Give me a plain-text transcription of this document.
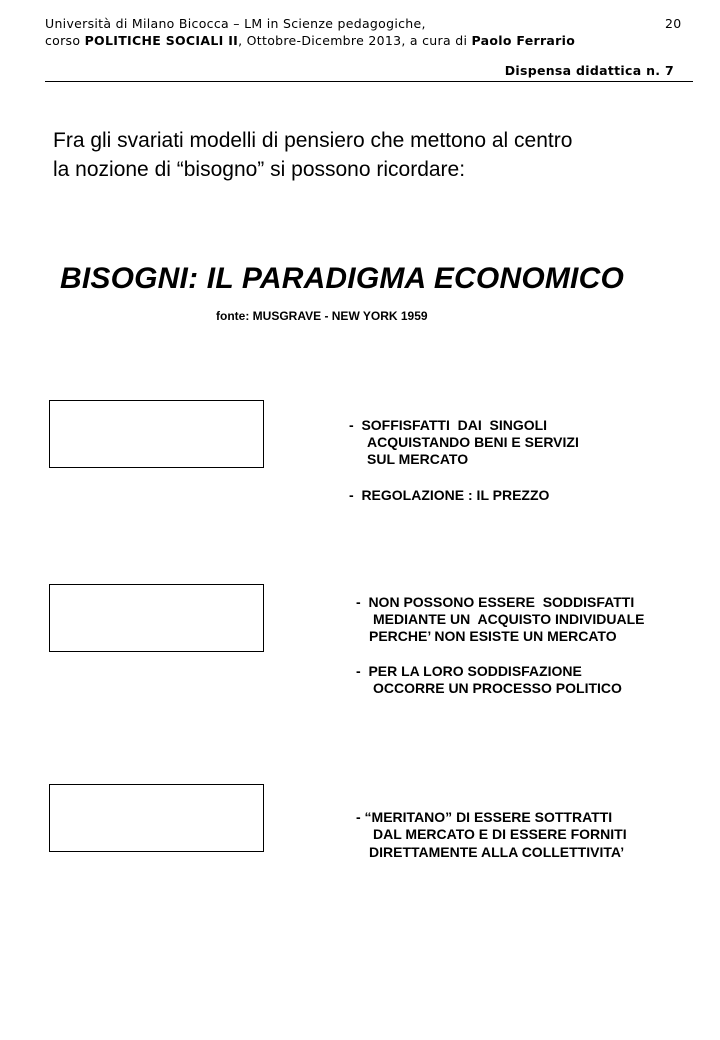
Università di Milano Bicocca – LM in Scienze pedagogiche,
corso POLITICHE SOCIALI II, Ottobre-Dicembre 2013, a cura di Paolo Ferrario
20
Dispensa didattica n. 7
Fra gli svariati modelli di pensiero che mettono al centro
la nozione di “bisogno” si possono ricordare:
BISOGNI: IL PARADIGMA ECONOMICO
fonte: MUSGRAVE - NEW YORK 1959
-  SOFFISFATTI  DAI  SINGOLI
ACQUISTANDO BENI E SERVIZI
SUL MERCATO
-  REGOLAZIONE : IL PREZZO
-  NON POSSONO ESSERE  SODDISFATTI
MEDIANTE UN  ACQUISTO INDIVIDUALE
PERCHE’ NON ESISTE UN MERCATO
-  PER LA LORO SODDISFAZIONE
OCCORRE UN PROCESSO POLITICO
- “MERITANO” DI ESSERE SOTTRATTI
DAL MERCATO E DI ESSERE FORNITI
DIRETTAMENTE ALLA COLLETTIVITA’
